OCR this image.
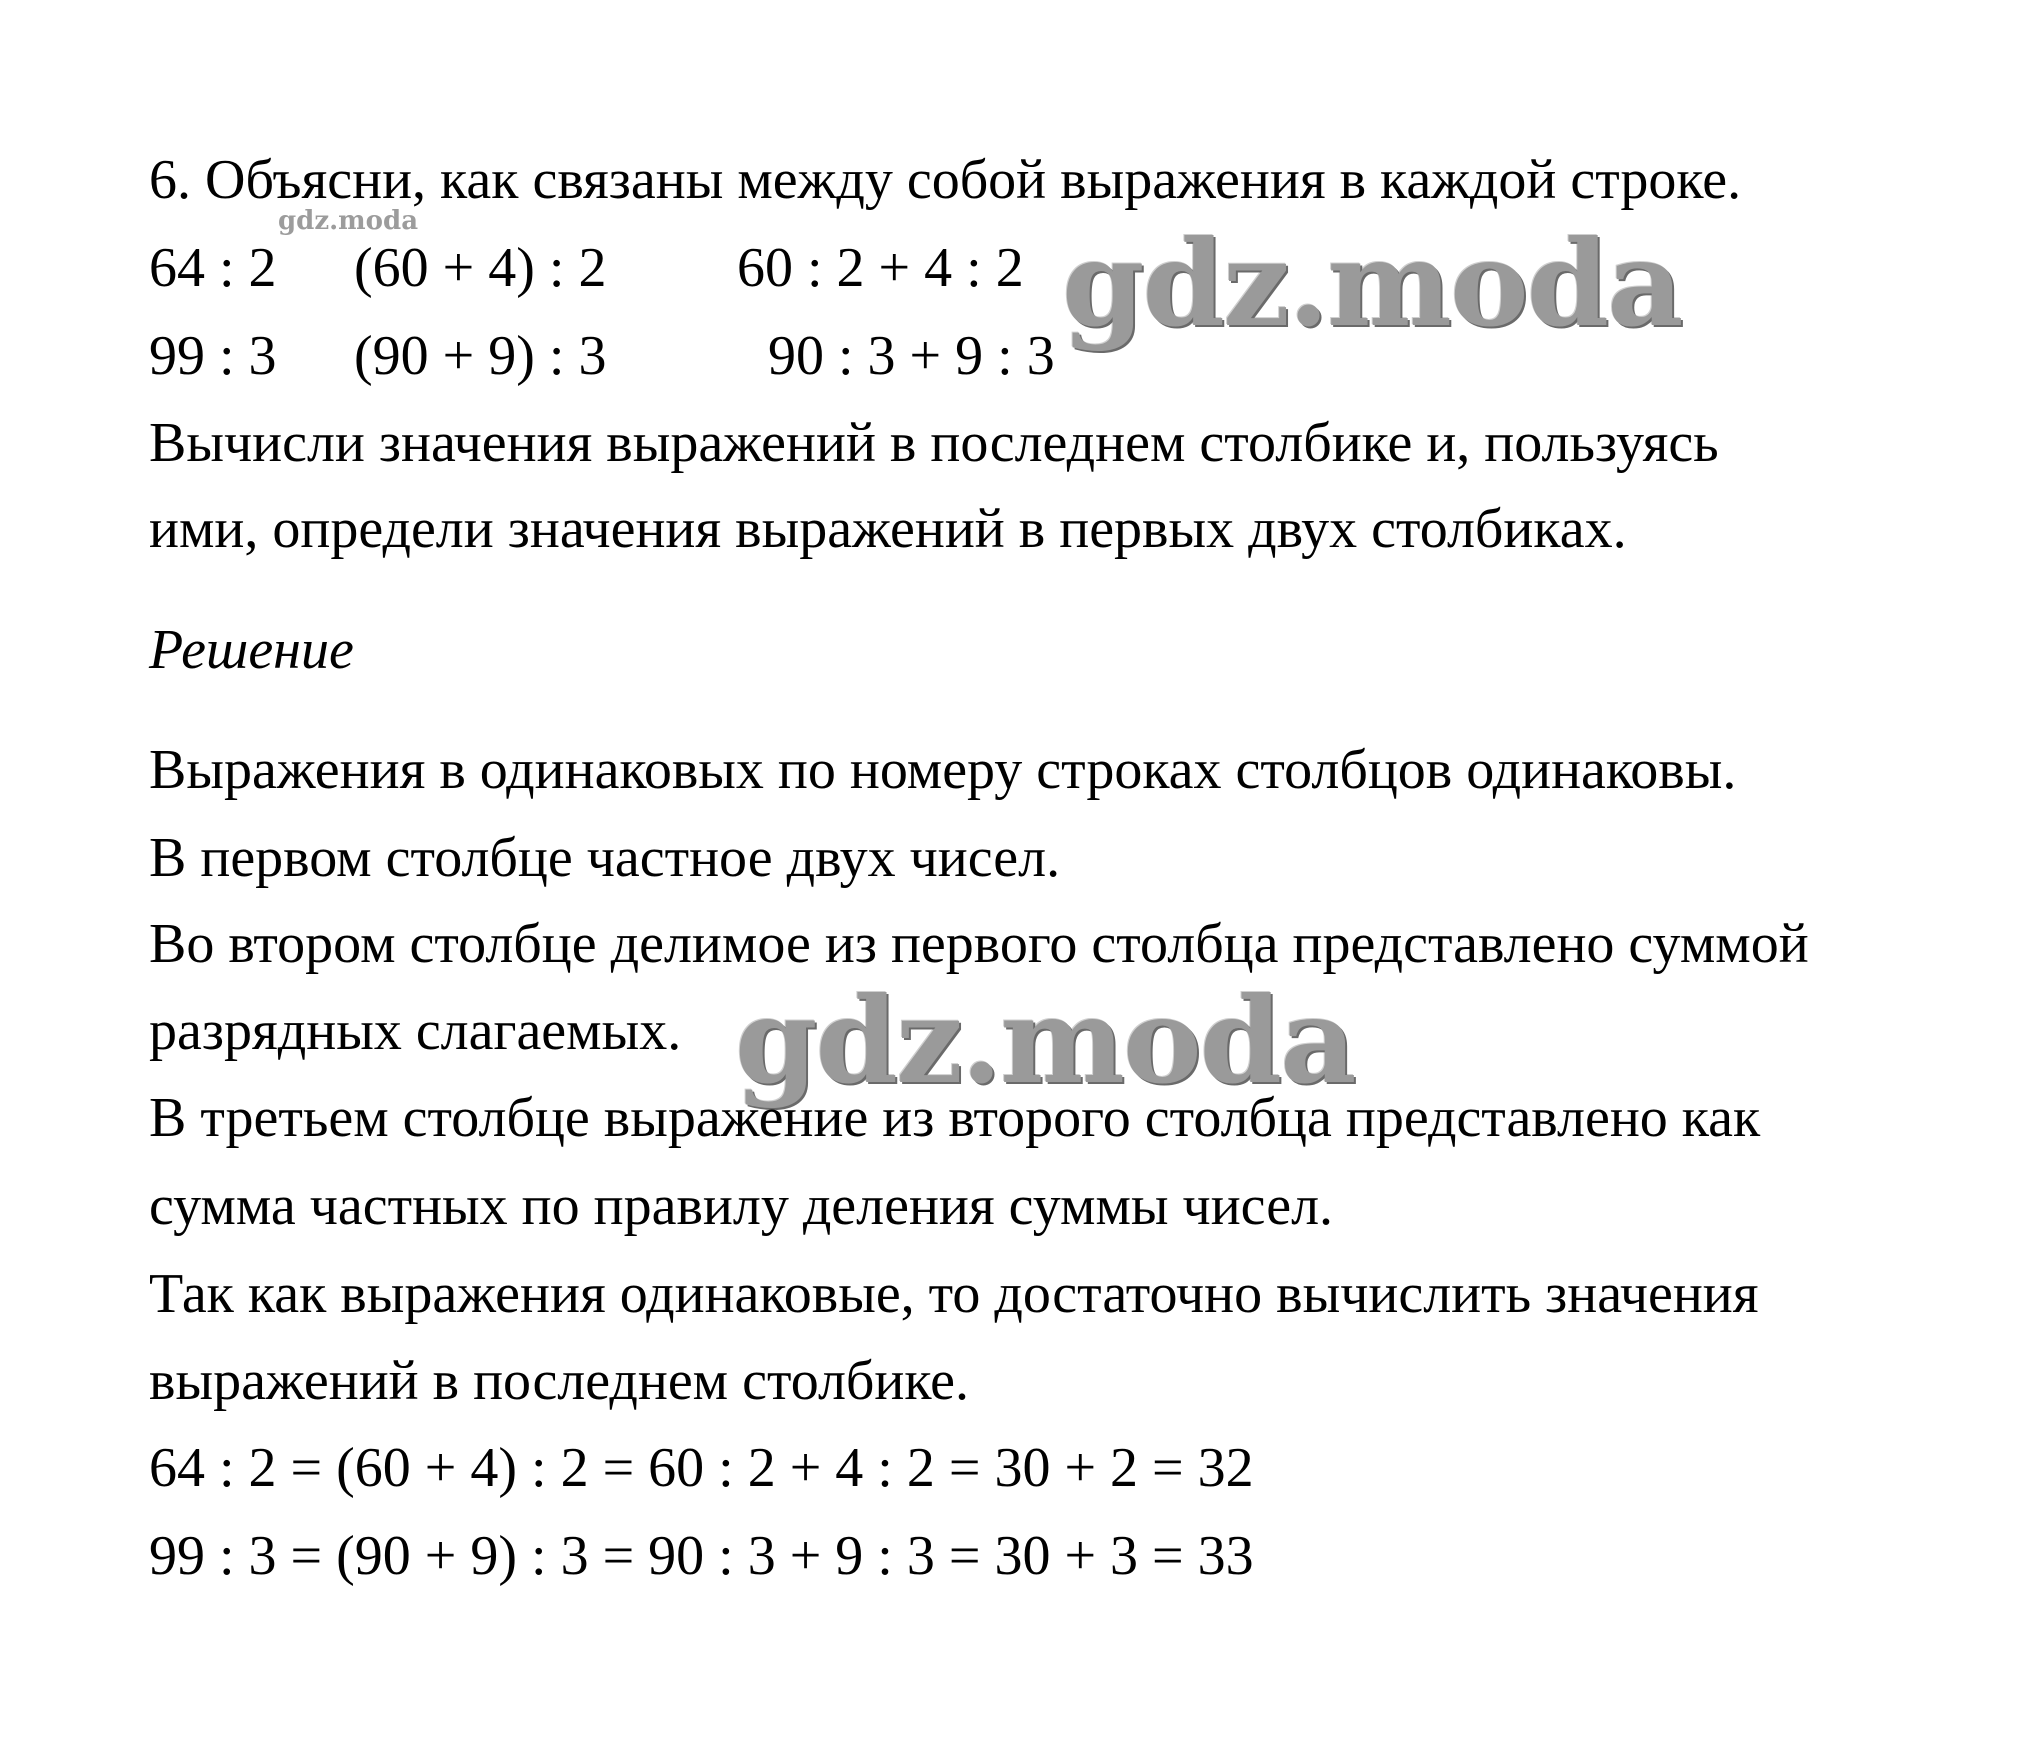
6. Объясни, как связаны между собой выражения в каждой строке.
gdz.moda
64 : 2 (60 + 4) : 2 60 : 2 + 4 : 2 gdz.moda
99 : 3 (90 + 9) : 3	90 : 3 + 9 : 3
Вычисли значения выражений в последнем столбике и, пользуясь
ими, определи значения выражений в первых двух столбиках.
Решение
Выражения в одинаковых по номеру строках столбцов одинаковы.
В первом столбце частное двух чисел.
Во втором столбце делимое из первого столбца представлено суммой
разрядных слагаемых. gdz.moda
В третьем столбце выражение из второго столбца представлено как
сумма частных по правилу деления суммы чисел.
Так как выражения одинаковые, то достаточно вычислить значения
выражений в последнем столбике.
64 : 2 = (60 + 4) : 2 = 60 : 2 + 4 : 2 = 30 + 2 = 32
99 : 3 = (90 + 9) : 3 = 90 : 3 + 9 : 3 = 30 + 3 = 33
